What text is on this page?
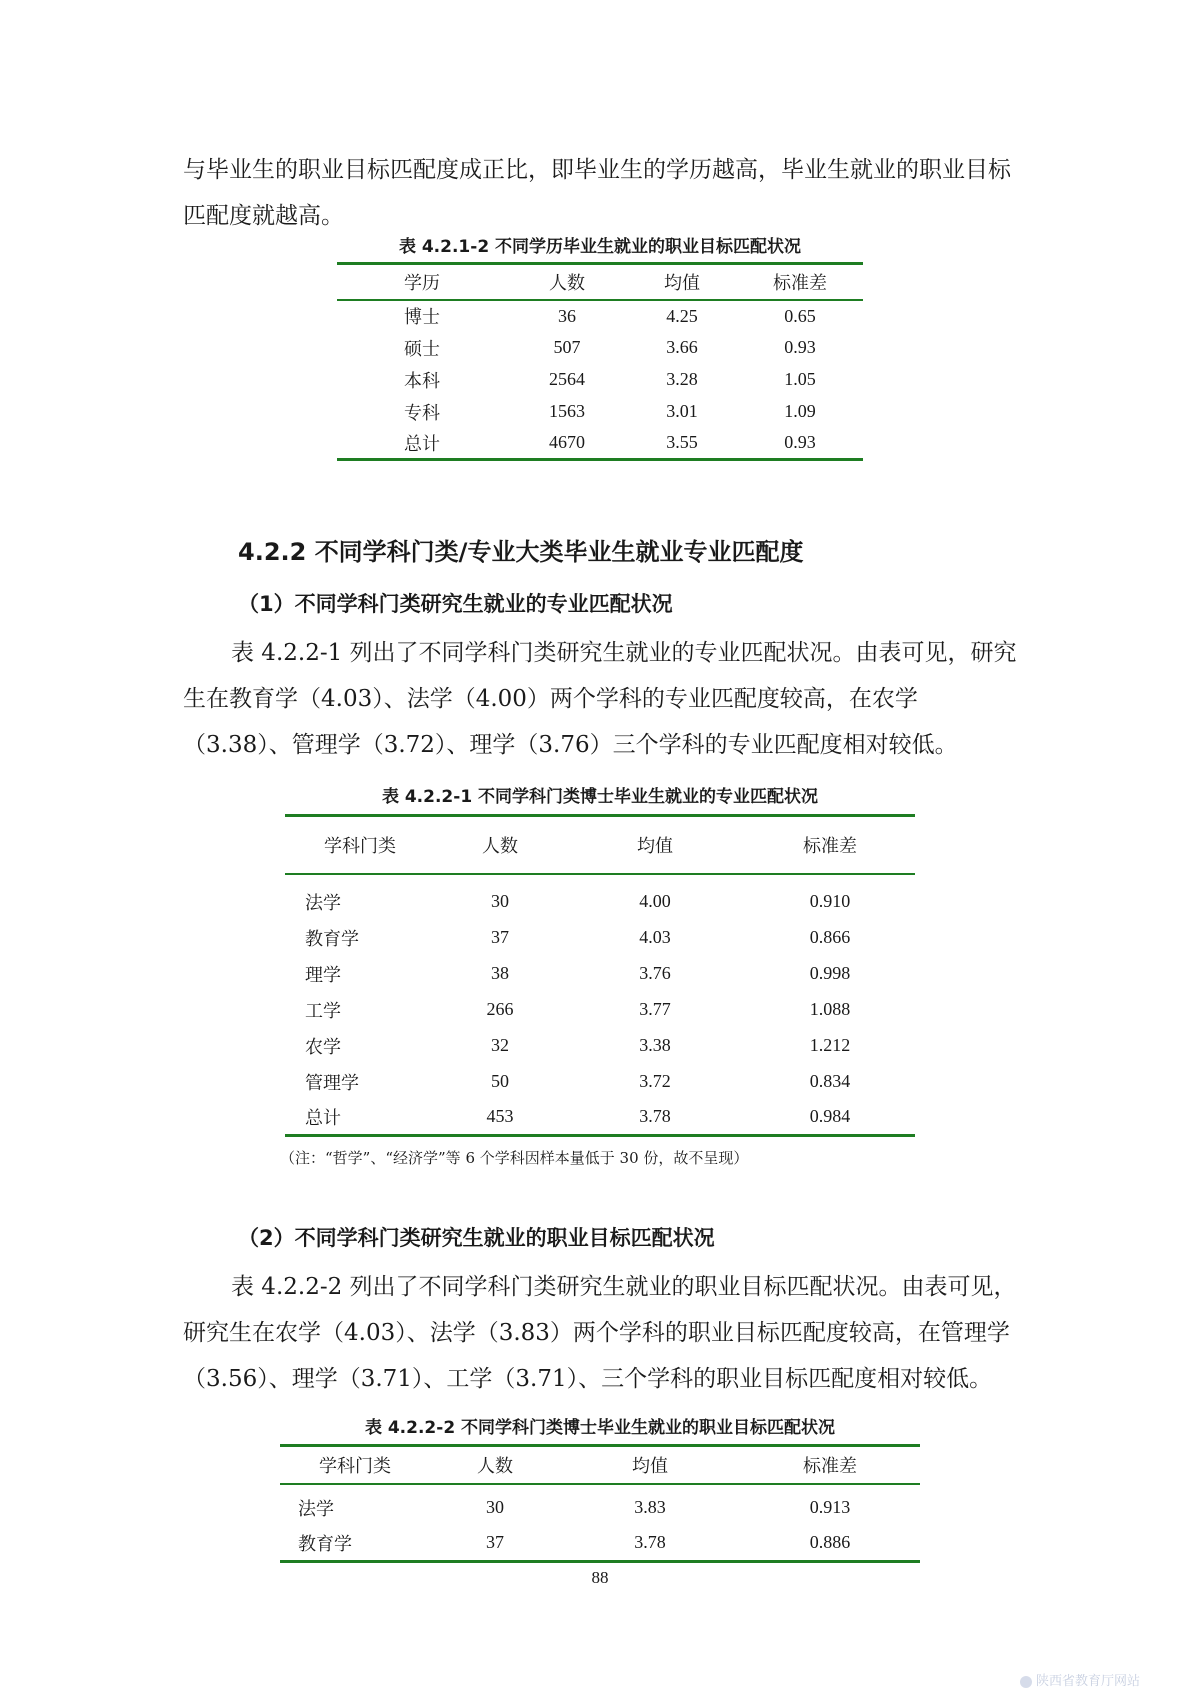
与毕业生的职业目标匹配度成正比，即毕业生的学历越高，毕业生就业的职业目标匹配度就越高。

表 4.2.1-2 不同学历毕业生就业的职业目标匹配状况

学历	人数	均值	标准差
博士	36	4.25	0.65
硕士	507	3.66	0.93
本科	2564	3.28	1.05
专科	1563	3.01	1.09
总计	4670	3.55	0.93

4.2.2 不同学科门类/专业大类毕业生就业专业匹配度

（1）不同学科门类研究生就业的专业匹配状况

表 4.2.2-1 列出了不同学科门类研究生就业的专业匹配状况。由表可见，研究生在教育学（4.03）、法学（4.00）两个学科的专业匹配度较高，在农学（3.38）、管理学（3.72）、理学（3.76）三个学科的专业匹配度相对较低。

表 4.2.2-1 不同学科门类博士毕业生就业的专业匹配状况

学科门类	人数	均值	标准差

法学	30	4.00	0.910
教育学	37	4.03	0.866
理学	38	3.76	0.998
工学	266	3.77	1.088
农学	32	3.38	1.212
管理学	50	3.72	0.834
总计	453	3.78	0.984

（注：“哲学”、“经济学”等 6 个学科因样本量低于 30 份，故不呈现）

（2）不同学科门类研究生就业的职业目标匹配状况

表 4.2.2-2 列出了不同学科门类研究生就业的职业目标匹配状况。由表可见，研究生在农学（4.03）、法学（3.83）两个学科的职业目标匹配度较高，在管理学（3.56）、理学（3.71）、工学（3.71）、三个学科的职业目标匹配度相对较低。

表 4.2.2-2 不同学科门类博士毕业生就业的职业目标匹配状况

学科门类	人数	均值	标准差

法学	30	3.83	0.913
教育学	37	3.78	0.886

88

陕西省教育厅网站
